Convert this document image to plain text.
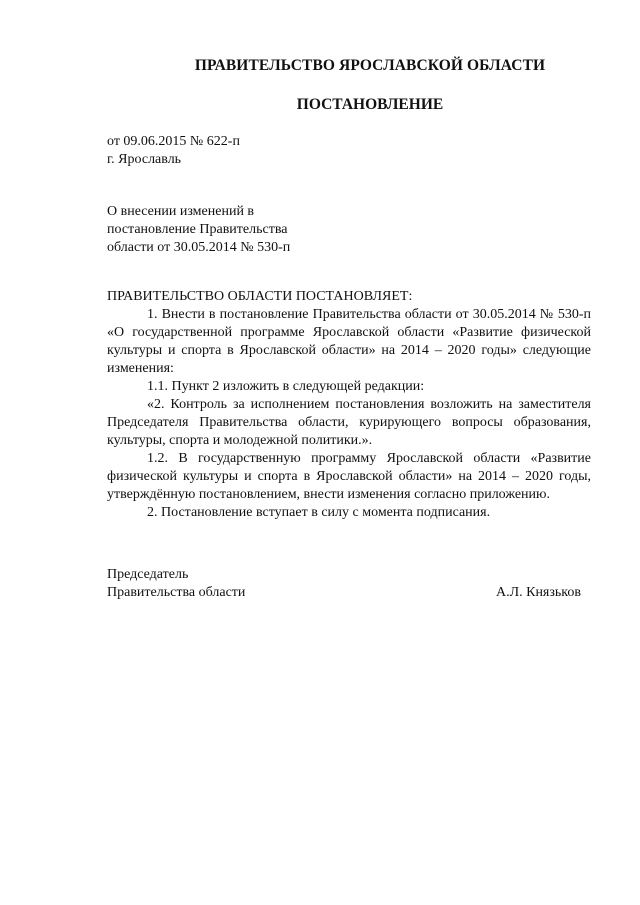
ПРАВИТЕЛЬСТВО ЯРОСЛАВСКОЙ ОБЛАСТИ
ПОСТАНОВЛЕНИЕ
от 09.06.2015 № 622-п
г. Ярославль
О внесении изменений в
постановление Правительства
области от 30.05.2014 № 530-п

ПРАВИТЕЛЬСТВО ОБЛАСТИ ПОСТАНОВЛЯЕТ:

1. Внести в постановление Правительства области от 30.05.2014 № 530-п «О государственной программе Ярославской области «Развитие физической культуры и спорта в Ярославской области» на 2014 – 2020 годы» следующие изменения:

1.1. Пункт 2 изложить в следующей редакции:

«2. Контроль за исполнением постановления возложить на заместителя Председателя Правительства области, курирующего вопросы образования, культуры, спорта и молодежной политики.».

1.2. В государственную программу Ярославской области «Развитие физической культуры и спорта в Ярославской области» на 2014 – 2020 годы, утверждённую постановлением, внести изменения согласно приложению.

2. Постановление вступает в силу с момента подписания.

Председатель
Правительства области	А.Л. Князьков
